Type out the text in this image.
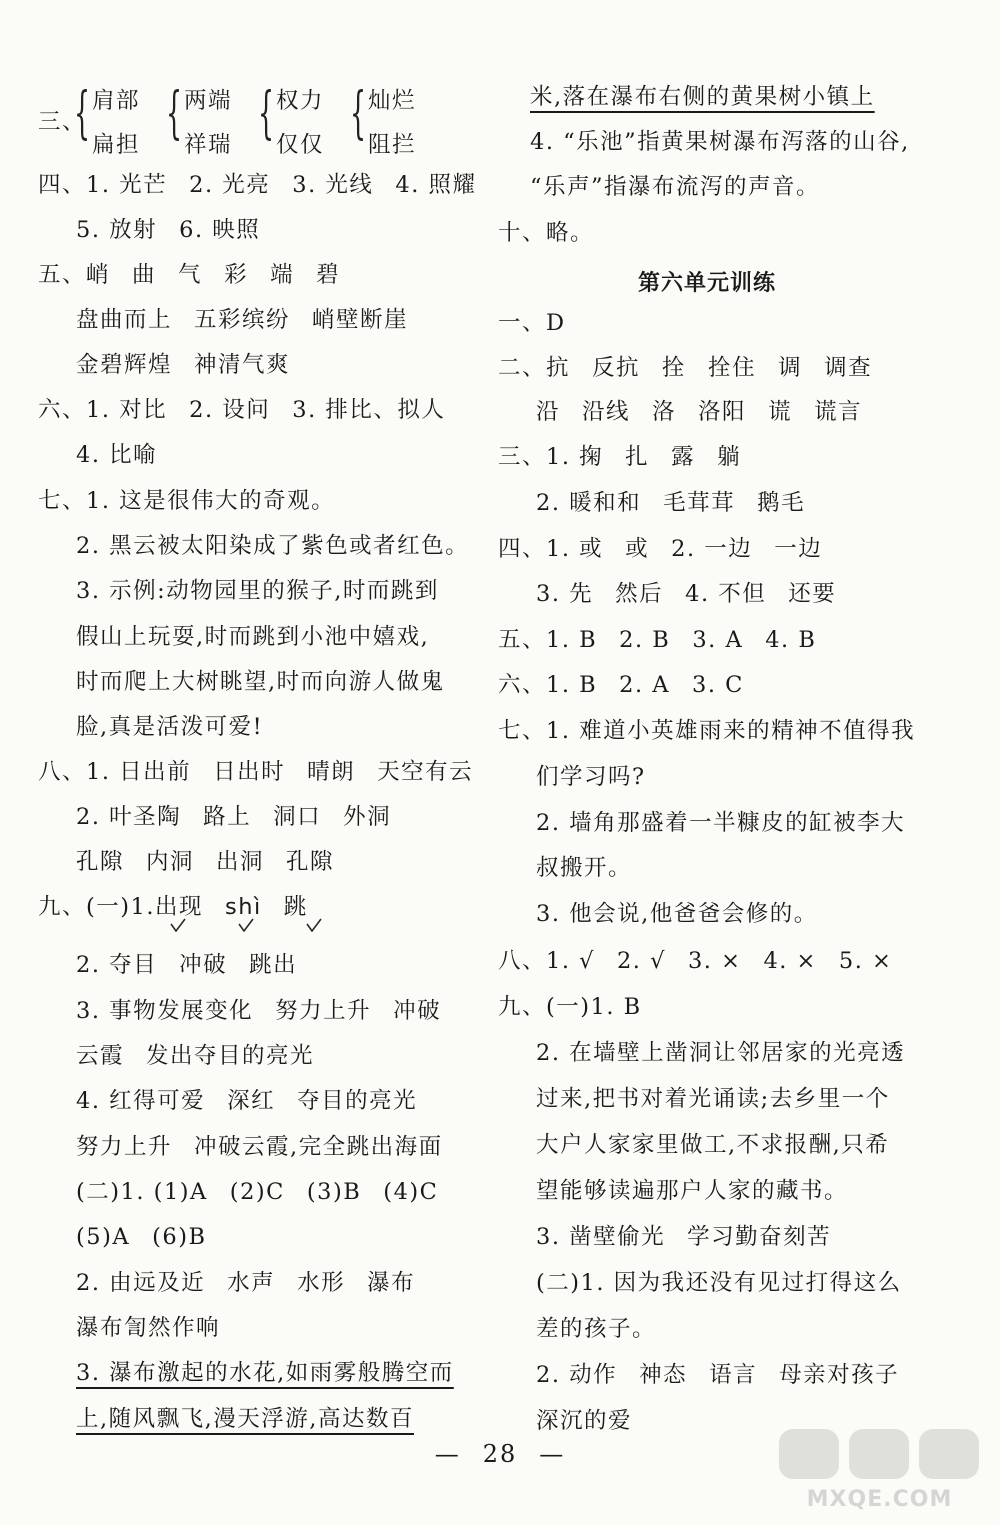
三、
{ 肩部
扁担 { 两端
祥瑞 { 权力
仅仅 { 灿烂
阻拦
四、1. 光芒 2. 光亮 3. 光线 4. 照耀
5. 放射 6. 映照
五、峭 曲 气 彩 端 碧
盘曲而上 五彩缤纷 峭壁断崖
金碧辉煌 神清气爽
六、1. 对比 2. 设问 3. 排比、拟人
4. 比喻
七、1. 这是很伟大的奇观。
2. 黑云被太阳染成了紫色或者红色。
3. 示例:动物园里的猴子,时而跳到
假山上玩耍,时而跳到小池中嬉戏,
时而爬上大树眺望,时而向游人做鬼
脸,真是活泼可爱!
八、1. 日出前 日出时 晴朗 天空有云
2. 叶圣陶 路上 洞口 外洞
孔隙 内洞 出洞 孔隙
九、(一)1.出现 shì 跳
2. 夺目 冲破 跳出
3. 事物发展变化 努力上升 冲破
云霞 发出夺目的亮光
4. 红得可爱 深红 夺目的亮光
努力上升 冲破云霞,完全跳出海面
(二)1. (1)A (2)C (3)B (4)C
(5)A (6)B
2. 由远及近 水声 水形 瀑布
瀑布訇然作响
3. 瀑布激起的水花,如雨雾般腾空而
上,随风飘飞,漫天浮游,高达数百
米,落在瀑布右侧的黄果树小镇上
4. “乐池”指黄果树瀑布泻落的山谷,
“乐声”指瀑布流泻的声音。
十、略。
第六单元训练
一、D
二、抗 反抗 拴 拴住 调 调查
沿 沿线 洛 洛阳 谎 谎言
三、1. 掬 扎 露 躺
2. 暖和和 毛茸茸 鹅毛
四、1. 或 或 2. 一边 一边
3. 先 然后 4. 不但 还要
五、1. B 2. B 3. A 4. B
六、1. B 2. A 3. C
七、1. 难道小英雄雨来的精神不值得我
们学习吗?
2. 墙角那盛着一半糠皮的缸被李大
叔搬开。
3. 他会说,他爸爸会修的。
八、1. √ 2. √ 3. × 4. × 5. ×
九、(一)1. B
2. 在墙壁上凿洞让邻居家的光亮透
过来,把书对着光诵读;去乡里一个
大户人家家里做工,不求报酬,只希
望能够读遍那户人家的藏书。
3. 凿壁偷光 学习勤奋刻苦
(二)1. 因为我还没有见过打得这么
差的孩子。
2. 动作 神态 语言 母亲对孩子
深沉的爱
— 28 —
MXQE.COM
